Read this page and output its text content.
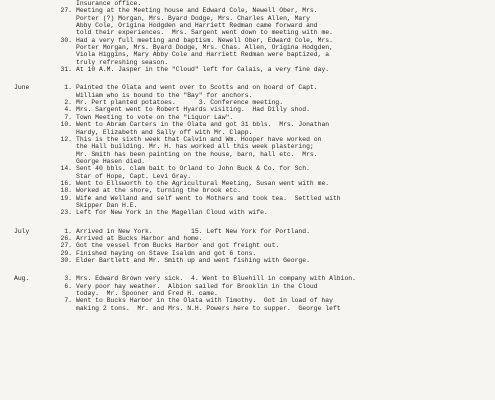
Insurance office.
27. Meeting at the Meeting house and Edward Cole, Newell Ober, Mrs.
Porter (?) Morgan, Mrs. Byard Dodge, Mrs. Charles Allen, Mary
Abby Cole, Origina Hodgden and Harriett Redman came forward and
told their experiences.  Mrs. Sargent went down to meeting with me.
30. Had a very full meeting and baptism. Newell Ober, Edward Cole, Mrs.
Porter Morgan, Mrs. Byard Dodge, Mrs. Chas. Allen, Origina Hodgden,
Viola Higgins, Mary Abby Cole and Harriett Redman were baptized, a
truly refreshing season.
31. At 10 A.M. Jasper in the "Cloud" left for Calais, a very fine day.
June	1. Painted the Olata and went over to Scotts and on board of Capt.
William who is bound to the "Bay" for anchors.
2. Mr. Pert planted potatoes.      3. Conference meeting.
4. Mrs. Sargent went to Robert Hyards visiting.  Had Dilly shod.
7. Town Meeting to vote on the "Liquor Law".
10. Went to Abram Carters in the Olata and got 31 bbls.  Mrs. Jonathan
Hardy, Elizabeth and Sally off with Mr. Clapp.
12. This is the sixth week that Calvin and Wm. Hooper have worked on
the Hall building. Mr. H. has worked all this week plastering;
Mr. Smith has been painting on the house, barn, hall etc.  Mrs.
George Hasen died.
14. Sent 40 bbls. clam bait to Orland to John Buck & Co. for Sch.
Star of Hope, Capt. Levi Gray.
16. Went to Ellsworth to the Agricultural Meeting, Susan went with me.
18. Worked at the shore, turning the brook etc.
19. Wife and Welland and self went to Mothers and took tea.  Settled with
Skipper Dan H.E.
23. Left for New York in the Magellan Cloud with wife.
July	1. Arrived in New York.          15. Left New York for Portland.
26. Arrived at Bucks Harbor and home.
27. Got the vessel from Bucks Harbor and got freight out.
29. Finished haying on Stave Isaldn and got 6 tons.
30. Elder Bartlett and Mr. Smith up and went fishing with George.
Aug.	3. Mrs. Edward Brown very sick.  4. Went to Bluehill in company with Albion.
6. Very poor hay weather.  Albion sailed for Brooklin in the Cloud
today.  Mr. Spooner and Fred H. came.
7. Went to Bucks Harbor in the Olata with Timothy.  Got in load of hay
making 2 tons.  Mr. and Mrs. N.H. Powers here to supper.  George left
